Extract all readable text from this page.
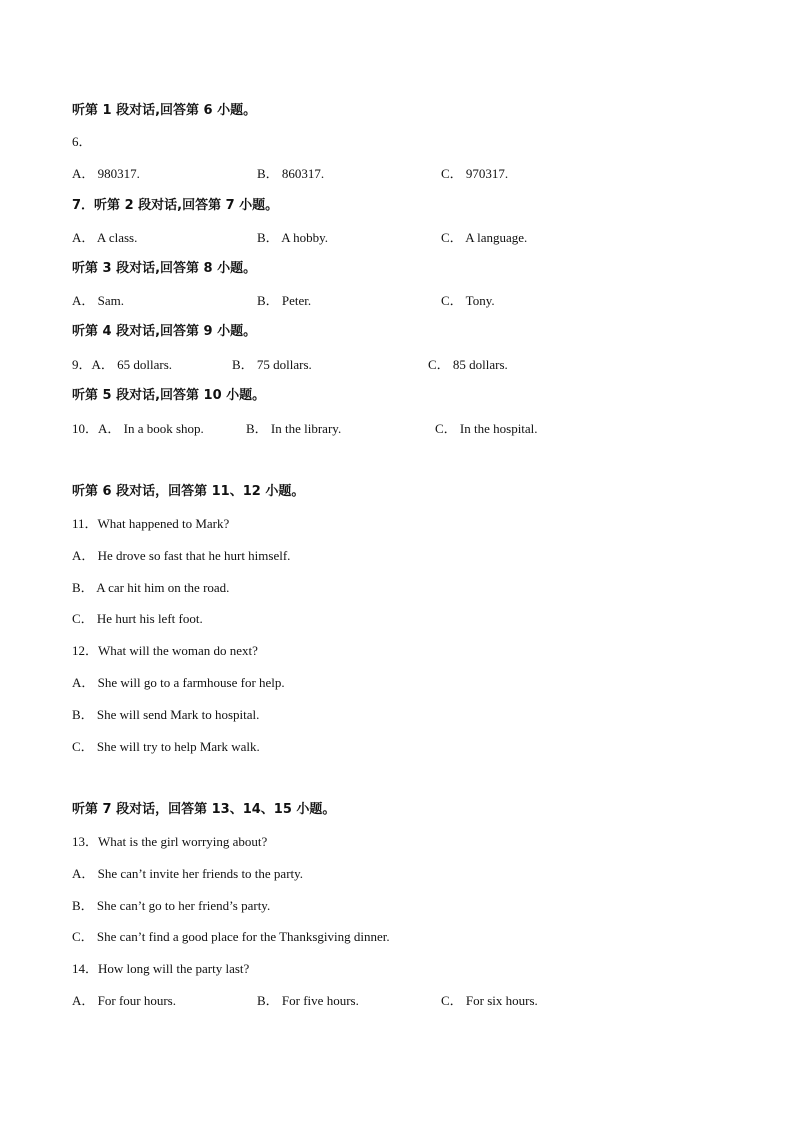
听第 1 段对话,回答第 6 小题。
6．
A． 980317.	B． 860317.	C． 970317.
7．听第 2 段对话,回答第 7 小题。
A． A class.	B． A hobby.	C． A language.
听第 3 段对话,回答第 8 小题。
A． Sam.	B． Peter.	C． Tony.
听第 4 段对话,回答第 9 小题。
9．A． 65 dollars.	B． 75 dollars.	C． 85 dollars.
听第 5 段对话,回答第 10 小题。
10．A． In a book shop.	B． In the library.	C． In the hospital.
听第 6 段对话，回答第 11、12 小题。
11．What happened to Mark?
A． He drove so fast that he hurt himself.
B． A car hit him on the road.
C． He hurt his left foot.
12．What will the woman do next?
A． She will go to a farmhouse for help.
B． She will send Mark to hospital.
C． She will try to help Mark walk.
听第 7 段对话，回答第 13、14、15 小题。
13．What is the girl worrying about?
A． She can’t invite her friends to the party.
B． She can’t go to her friend’s party.
C． She can’t find a good place for the Thanksgiving dinner.
14．How long will the party last?
A． For four hours.	B． For five hours.	C． For six hours.
